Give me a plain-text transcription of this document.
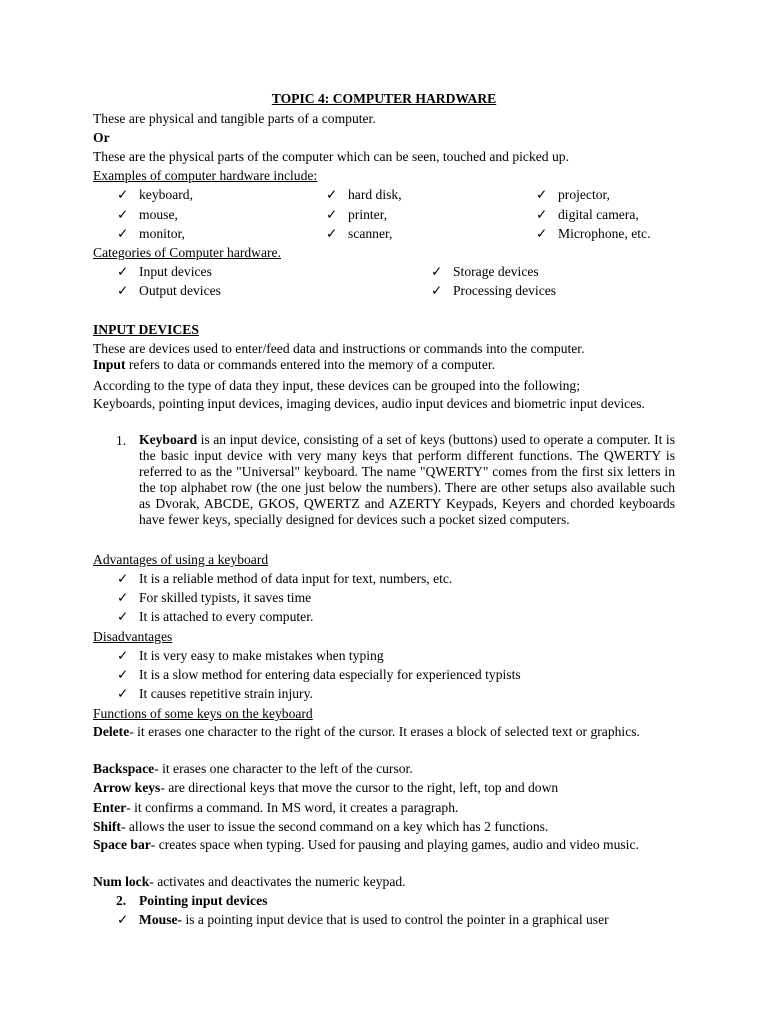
TOPIC 4: COMPUTER HARDWARE
These are physical and tangible parts of a computer.
Or
These are the physical parts of the computer which can be seen, touched and picked up.
Examples of computer hardware include:
✓ keyboard,
✓ mouse,
✓ monitor,
✓ hard disk,
✓ printer,
✓ scanner,
✓ projector,
✓ digital camera,
✓ Microphone, etc.
Categories of Computer hardware.
✓ Input devices
✓ Output devices
✓ Storage devices
✓ Processing devices
INPUT DEVICES
These are devices used to enter/feed data and instructions or commands into the computer.
Input refers to data or commands entered into the memory of a computer.
According to the type of data they input, these devices can be grouped into the following;
Keyboards, pointing input devices, imaging devices, audio input devices and biometric input devices.
1. Keyboard is an input device, consisting of a set of keys (buttons) used to operate a computer. It is the basic input device with very many keys that perform different functions. The QWERTY is referred to as the "Universal" keyboard. The name "QWERTY" comes from the first six letters in the top alphabet row (the one just below the numbers). There are other setups also available such as Dvorak, ABCDE, GKOS, QWERTZ and AZERTY Keypads, Keyers and chorded keyboards have fewer keys, specially designed for devices such a pocket sized computers.
Advantages of using a keyboard
✓ It is a reliable method of data input for text, numbers, etc.
✓ For skilled typists, it saves time
✓ It is attached to every computer.
Disadvantages
✓ It is very easy to make mistakes when typing
✓ It is a slow method for entering data especially for experienced typists
✓ It causes repetitive strain injury.
Functions of some keys on the keyboard
Delete- it erases one character to the right of the cursor. It erases a block of selected text or graphics.
Backspace- it erases one character to the left of the cursor.
Arrow keys- are directional keys that move the cursor to the right, left, top and down
Enter- it confirms a command. In MS word, it creates a paragraph.
Shift- allows the user to issue the second command on a key which has 2 functions.
Space bar- creates space when typing. Used for pausing and playing games, audio and video music.
Num lock- activates and deactivates the numeric keypad.
2. Pointing input devices
✓ Mouse- is a pointing input device that is used to control the pointer in a graphical user
